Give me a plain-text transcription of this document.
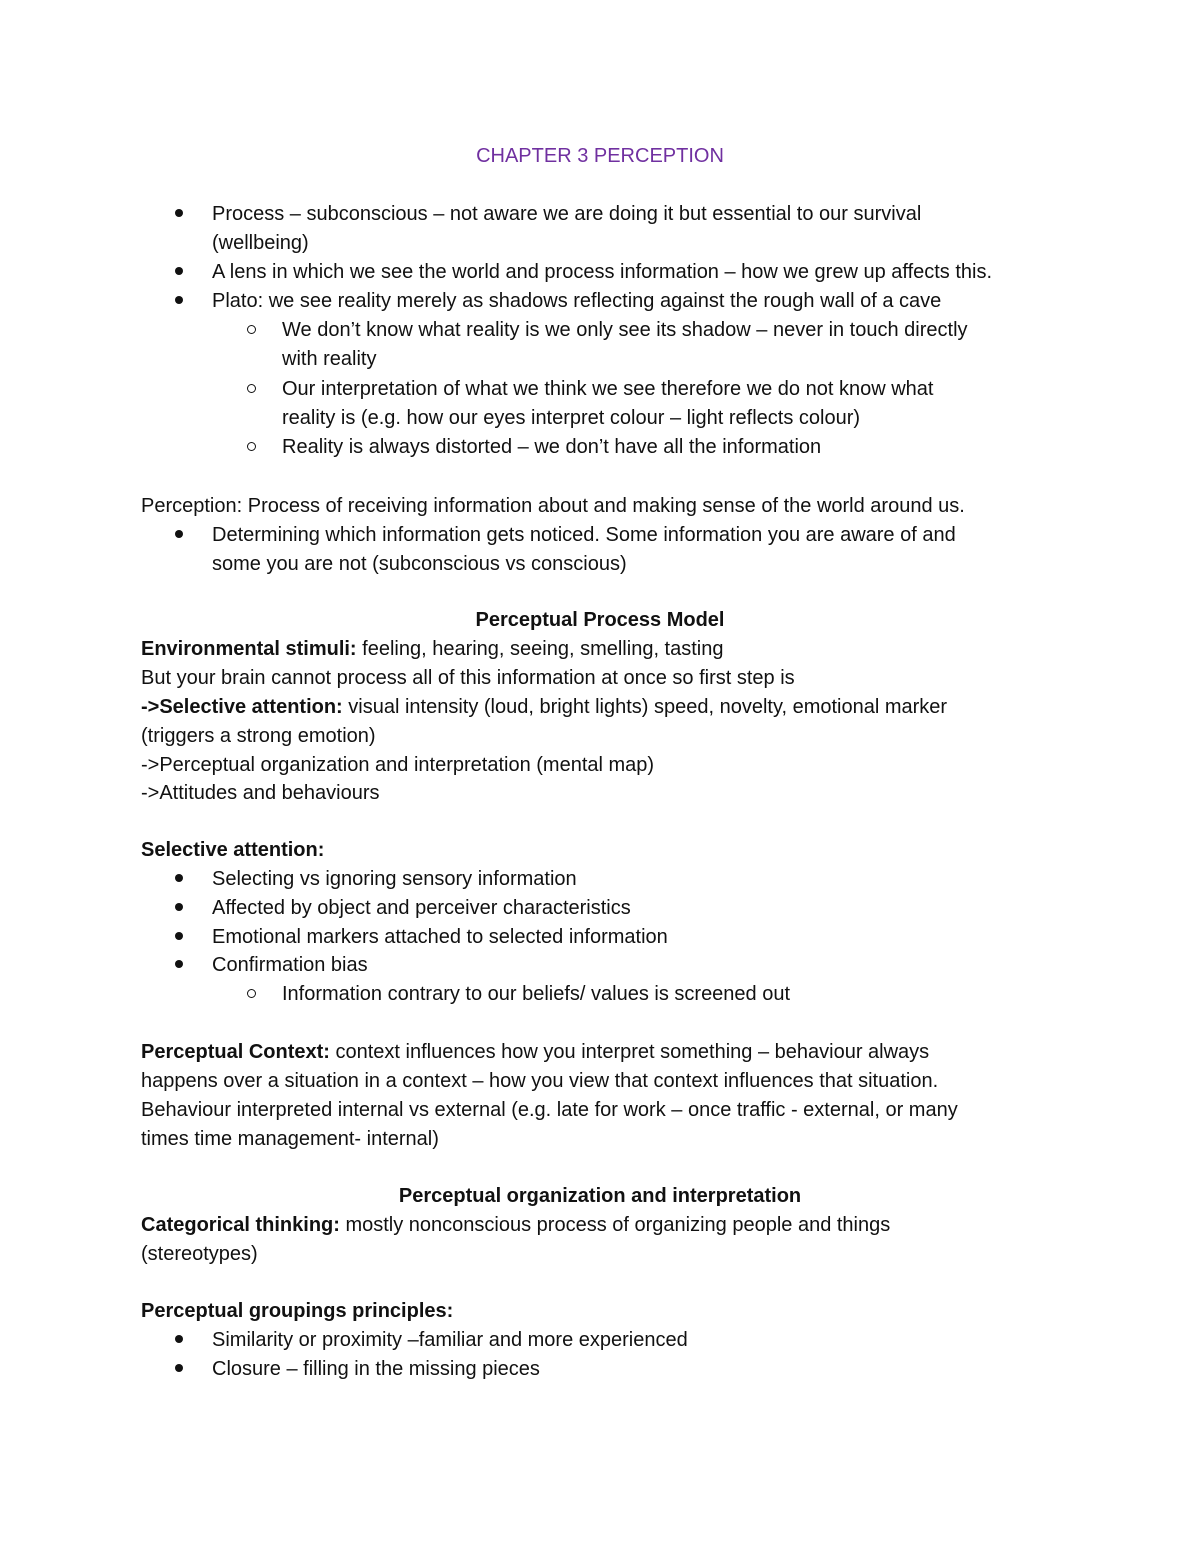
CHAPTER 3 PERCEPTION
Process – subconscious – not aware we are doing it but essential to our survival
(wellbeing)
A lens in which we see the world and process information – how we grew up affects this.
Plato: we see reality merely as shadows reflecting against the rough wall of a cave
We don’t know what reality is we only see its shadow – never in touch directly
with reality
Our interpretation of what we think we see therefore we do not know what
reality is (e.g. how our eyes interpret colour – light reflects colour)
Reality is always distorted – we don’t have all the information
Perception: Process of receiving information about and making sense of the world around us.
Determining which information gets noticed. Some information you are aware of and
some you are not (subconscious vs conscious)
Perceptual Process Model
Environmental stimuli: feeling, hearing, seeing, smelling, tasting
But your brain cannot process all of this information at once so first step is
->Selective attention: visual intensity (loud, bright lights) speed, novelty, emotional marker
(triggers a strong emotion)
->Perceptual organization and interpretation (mental map)
->Attitudes and behaviours
Selective attention:
Selecting vs ignoring sensory information
Affected by object and perceiver characteristics
Emotional markers attached to selected information
Confirmation bias
Information contrary to our beliefs/ values is screened out
Perceptual Context: context influences how you interpret something – behaviour always
happens over a situation in a context – how you view that context influences that situation.
Behaviour interpreted internal vs external (e.g. late for work – once traffic - external, or many
times time management- internal)
Perceptual organization and interpretation
Categorical thinking: mostly nonconscious process of organizing people and things
(stereotypes)
Perceptual groupings principles:
Similarity or proximity –familiar and more experienced
Closure – filling in the missing pieces
